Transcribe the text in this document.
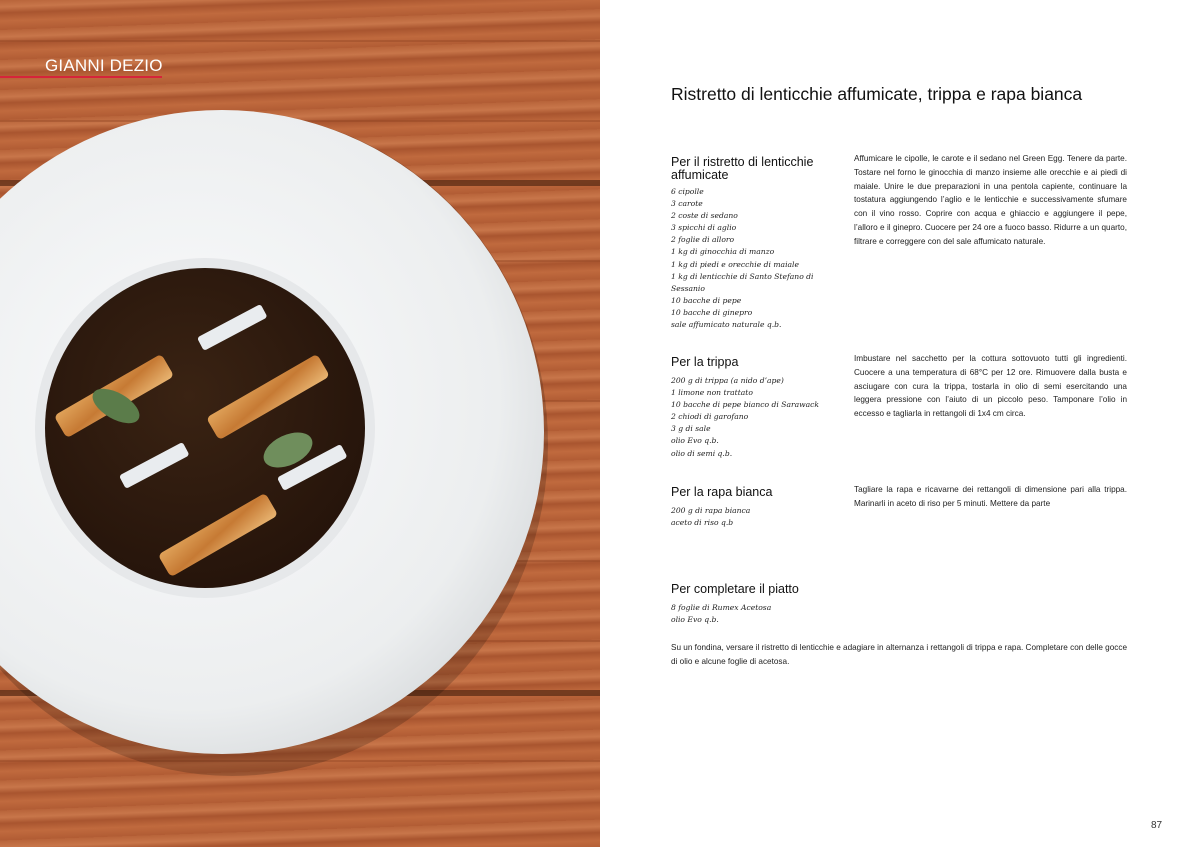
GIANNI DEZIO
Ristretto di lenticchie affumicate, trippa e rapa bianca
Per il ristretto di lenticchie affumicate
6 cipolle
3 carote
2 coste di sedano
3 spicchi di aglio
2 foglie di alloro
1 kg di ginocchia di manzo
1 kg di piedi e orecchie di maiale
1 kg di lenticchie di Santo Stefano di
Sessanio
10 bacche di pepe
10 bacche di ginepro
sale affumicato naturale q.b.
Affumicare le cipolle, le carote e il sedano nel Green Egg. Tenere da parte. Tostare nel forno le ginocchia di manzo insieme alle orecchie e ai piedi di maiale. Unire le due preparazioni in una pentola capiente, continuare la tostatura aggiungendo l’aglio e le lenticchie e successivamente sfumare con il vino rosso. Coprire con acqua e ghiaccio e aggiungere il pepe, l’alloro e il ginepro. Cuocere per 24 ore a fuoco basso. Ridurre a un quarto, filtrare e correggere con del sale affumicato naturale.
Per la trippa
200 g di trippa (a nido d’ape)
1 limone non trattato
10 bacche di pepe bianco di Sarawack
2 chiodi di garofano
3 g di sale
olio Evo q.b.
olio di semi q.b.
Imbustare nel sacchetto per la cottura sottovuoto tutti gli ingredienti. Cuocere a una temperatura di 68°C per 12 ore. Rimuovere dalla busta e asciugare con cura la trippa, tostarla in olio di semi esercitando una leggera pressione con l’aiuto di un piccolo peso. Tamponare l’olio in eccesso e tagliarla in rettangoli di 1x4 cm circa.
Per la rapa bianca
200 g di rapa bianca
aceto di riso q.b
Tagliare la rapa e ricavarne dei rettangoli di dimensione pari alla trippa. Marinarli in aceto di riso per 5 minuti. Mettere da parte
Per completare il piatto
8 foglie di Rumex Acetosa
olio Evo q.b.
Su un fondina, versare il ristretto di lenticchie e adagiare in alternanza i rettangoli di trippa e rapa. Completare con delle gocce di olio e alcune foglie di acetosa.
87
